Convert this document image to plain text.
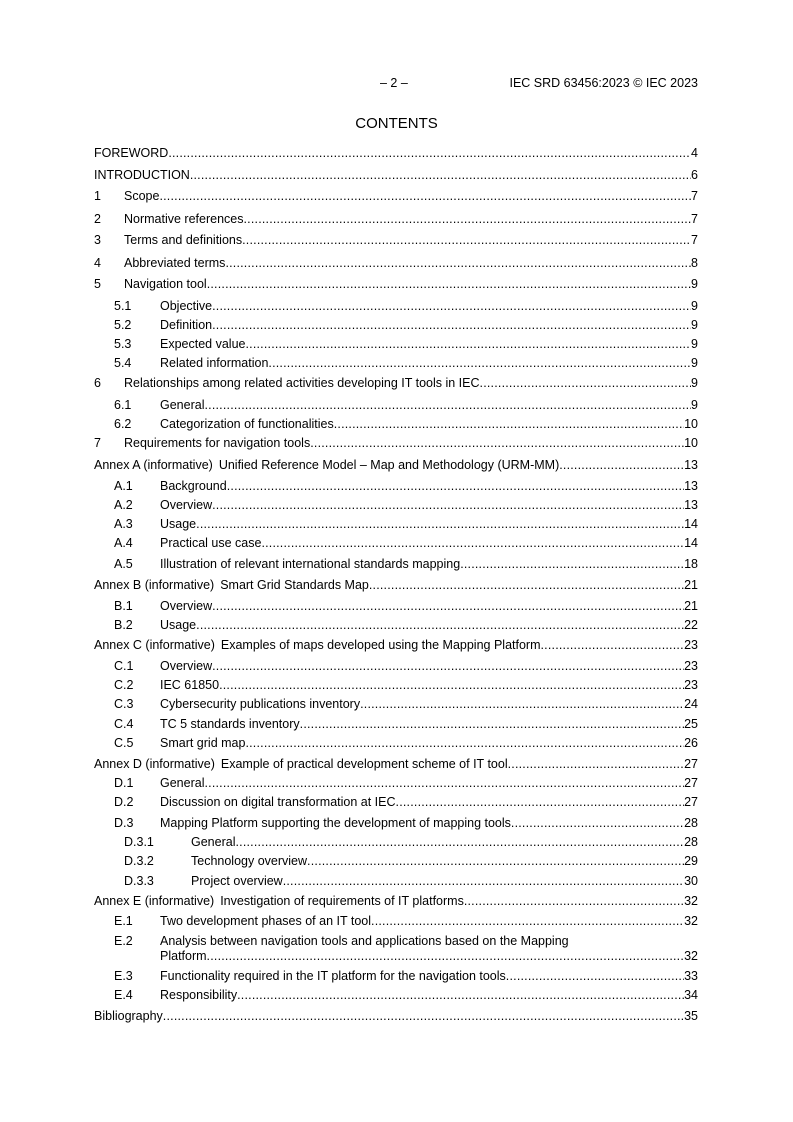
– 2 –	IEC SRD 63456:2023 © IEC 2023
CONTENTS
FOREWORD .....	4
INTRODUCTION .....	6
1	Scope .....	7
2	Normative references .....	7
3	Terms and definitions .....	7
4	Abbreviated terms .....	8
5	Navigation tool .....	9
5.1	Objective .....	9
5.2	Definition .....	9
5.3	Expected value .....	9
5.4	Related information .....	9
6	Relationships among related activities developing IT tools in IEC .....	9
6.1	General .....	9
6.2	Categorization of functionalities .....	10
7	Requirements for navigation tools .....	10
Annex A (informative) Unified Reference Model – Map and Methodology (URM-MM) .....	13
A.1	Background .....	13
A.2	Overview .....	13
A.3	Usage .....	14
A.4	Practical use case .....	14
A.5	Illustration of relevant international standards mapping .....	18
Annex B (informative) Smart Grid Standards Map .....	21
B.1	Overview .....	21
B.2	Usage .....	22
Annex C (informative) Examples of maps developed using the Mapping Platform .....	23
C.1	Overview .....	23
C.2	IEC 61850 .....	23
C.3	Cybersecurity publications inventory .....	24
C.4	TC 5 standards inventory .....	25
C.5	Smart grid map .....	26
Annex D (informative) Example of practical development scheme of IT tool .....	27
D.1	General .....	27
D.2	Discussion on digital transformation at IEC .....	27
D.3	Mapping Platform supporting the development of mapping tools .....	28
D.3.1	General .....	28
D.3.2	Technology overview .....	29
D.3.3	Project overview .....	30
Annex E (informative) Investigation of requirements of IT platforms .....	32
E.1	Two development phases of an IT tool .....	32
E.2	Analysis between navigation tools and applications based on the Mapping
Platform .....	32
E.3	Functionality required in the IT platform for the navigation tools .....	33
E.4	Responsibility .....	34
Bibliography .....	35
